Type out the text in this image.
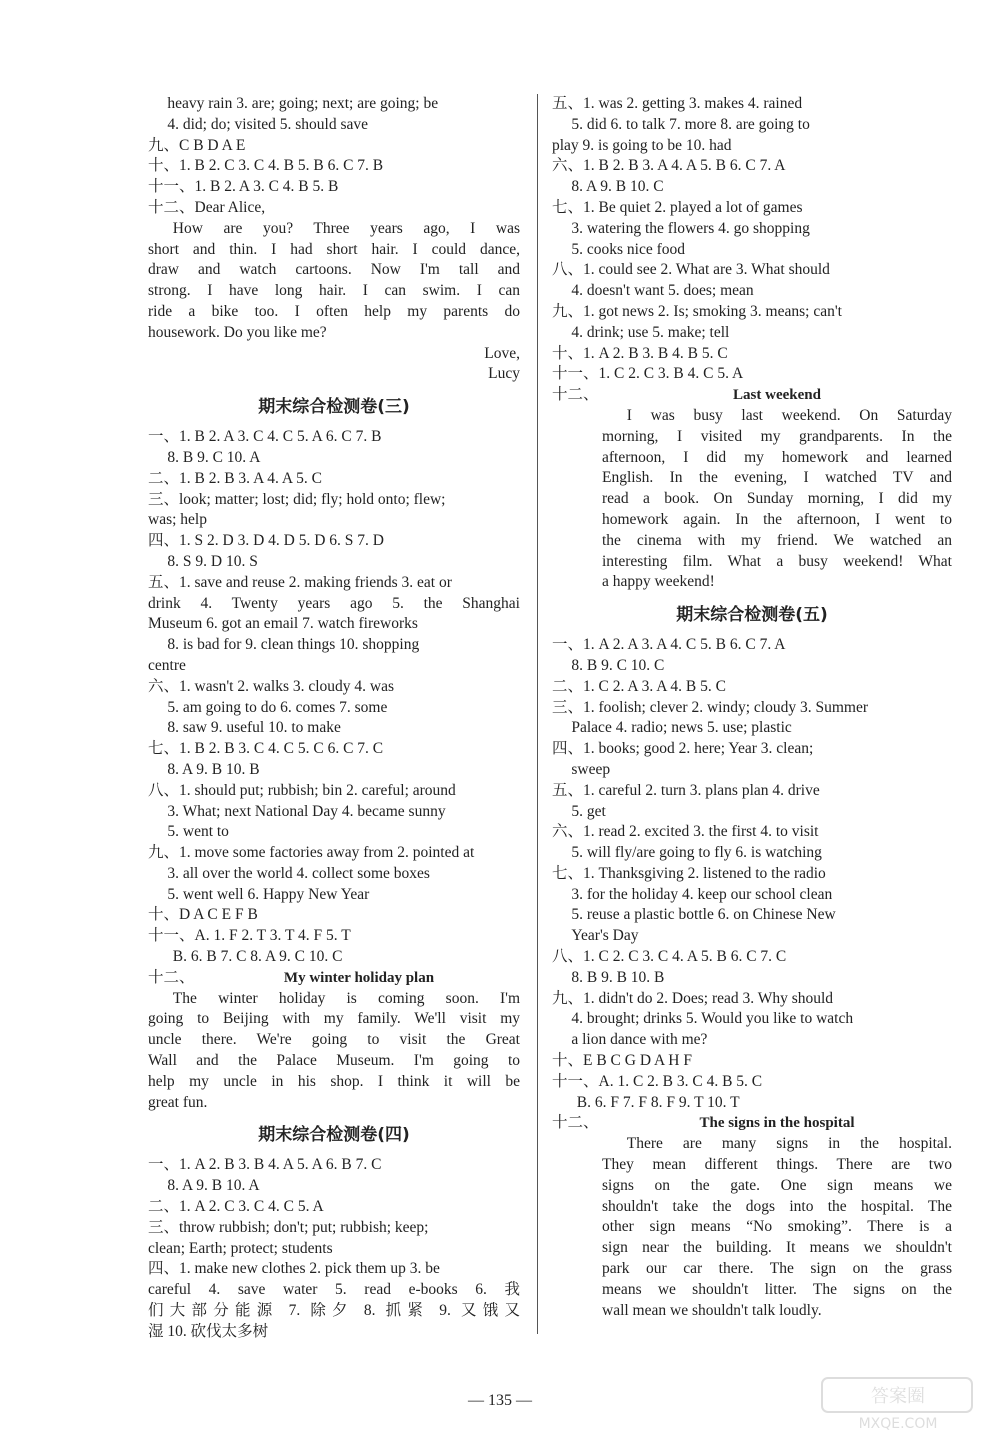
heavy rain 3. are; going; next; are going; be
4. did; do; visited 5. should save
九、C B D A E
十、1. B 2. C 3. C 4. B 5. B 6. C 7. B
十一、1. B 2. A 3. C 4. B 5. B
十二、Dear Alice,
How are you? Three years ago, I was
short and thin. I had short hair. I could dance,
draw and watch cartoons. Now I'm tall and
strong. I have long hair. I can swim. I can
ride a bike too. I often help my parents do
housework. Do you like me?
Love,
Lucy
期末综合检测卷(三)
一、1. B 2. A 3. C 4. C 5. A 6. C 7. B
8. B 9. C 10. A
二、1. B 2. B 3. A 4. A 5. C
三、look; matter; lost; did; fly; hold onto; flew;
was; help
四、1. S 2. D 3. D 4. D 5. D 6. S 7. D
8. S 9. D 10. S
五、1. save and reuse 2. making friends 3. eat or
drink 4. Twenty years ago 5. the Shanghai
Museum 6. got an email 7. watch fireworks
8. is bad for 9. clean things 10. shopping
centre
六、1. wasn't 2. walks 3. cloudy 4. was
5. am going to do 6. comes 7. some
8. saw 9. useful 10. to make
七、1. B 2. B 3. C 4. C 5. C 6. C 7. C
8. A 9. B 10. B
八、1. should put; rubbish; bin 2. careful; around
3. What; next National Day 4. became sunny
5. went to
九、1. move some factories away from 2. pointed at
3. all over the world 4. collect some boxes
5. went well 6. Happy New Year
十、D A C E F B
十一、A. 1. F 2. T 3. T 4. F 5. T
B. 6. B 7. C 8. A 9. C 10. C
十二、	My winter holiday plan
The winter holiday is coming soon. I'm
going to Beijing with my family. We'll visit my
uncle there. We're going to visit the Great
Wall and the Palace Museum. I'm going to
help my uncle in his shop. I think it will be
great fun.
期末综合检测卷(四)
一、1. A 2. B 3. B 4. A 5. A 6. B 7. C
8. A 9. B 10. A
二、1. A 2. C 3. C 4. C 5. A
三、throw rubbish; don't; put; rubbish; keep;
clean; Earth; protect; students
四、1. make new clothes 2. pick them up 3. be
careful 4. save water 5. read e-books 6. 我
们大部分能源 7. 除夕 8. 抓紧 9. 又饿又
湿 10. 砍伐太多树
五、1. was 2. getting 3. makes 4. rained
5. did 6. to talk 7. more 8. are going to
play 9. is going to be 10. had
六、1. B 2. B 3. A 4. A 5. B 6. C 7. A
8. A 9. B 10. C
七、1. Be quiet 2. played a lot of games
3. watering the flowers 4. go shopping
5. cooks nice food
八、1. could see 2. What are 3. What should
4. doesn't want 5. does; mean
九、1. got news 2. Is; smoking 3. means; can't
4. drink; use 5. make; tell
十、1. A 2. B 3. B 4. B 5. C
十一、1. C 2. C 3. B 4. C 5. A
十二、	Last weekend
I was busy last weekend. On Saturday
morning, I visited my grandparents. In the
afternoon, I did my homework and learned
English. In the evening, I watched TV and
read a book. On Sunday morning, I did my
homework again. In the afternoon, I went to
the cinema with my friend. We watched an
interesting film. What a busy weekend! What
a happy weekend!
期末综合检测卷(五)
一、1. A 2. A 3. A 4. C 5. B 6. C 7. A
8. B 9. C 10. C
二、1. C 2. A 3. A 4. B 5. C
三、1. foolish; clever 2. windy; cloudy 3. Summer
Palace 4. radio; news 5. use; plastic
四、1. books; good 2. here; Year 3. clean;
sweep
五、1. careful 2. turn 3. plans plan 4. drive
5. get
六、1. read 2. excited 3. the first 4. to visit
5. will fly/are going to fly 6. is watching
七、1. Thanksgiving 2. listened to the radio
3. for the holiday 4. keep our school clean
5. reuse a plastic bottle 6. on Chinese New
Year's Day
八、1. C 2. C 3. C 4. A 5. B 6. C 7. C
8. B 9. B 10. B
九、1. didn't do 2. Does; read 3. Why should
4. brought; drinks 5. Would you like to watch
a lion dance with me?
十、E B C G D A H F
十一、A. 1. C 2. B 3. C 4. B 5. C
B. 6. F 7. F 8. F 9. T 10. T
十二、	The signs in the hospital
There are many signs in the hospital.
They mean different things. There are two
signs on the gate. One sign means we
shouldn't take the dogs into the hospital. The
other sign means “No smoking”. There is a
sign near the building. It means we shouldn't
park our car there. The sign on the grass
means we shouldn't litter. The signs on the
wall mean we shouldn't talk loudly.
— 135 —	答案圈
MXQE.COM
